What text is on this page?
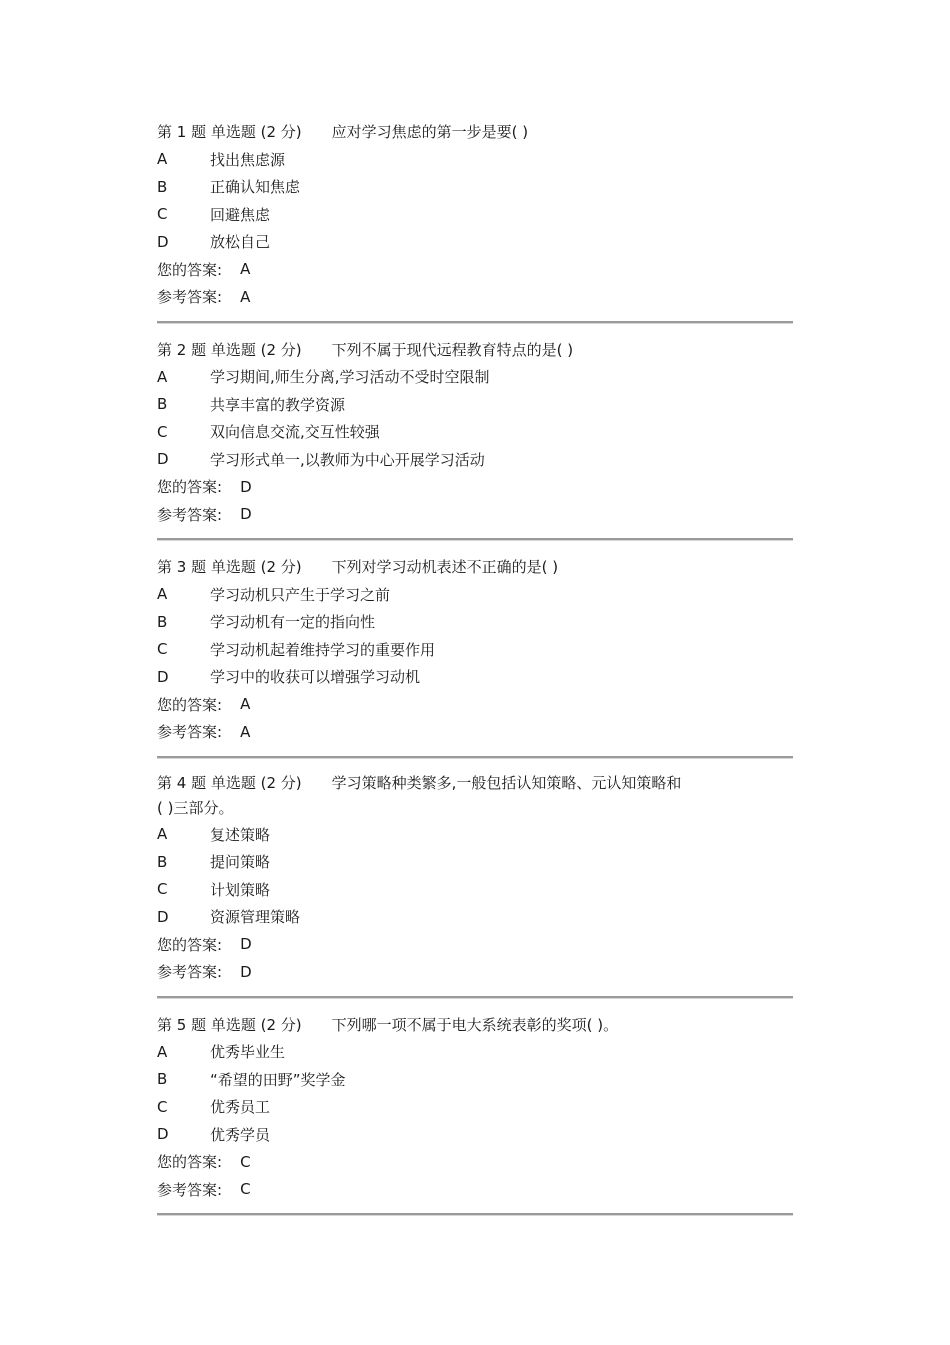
第 1 题 单选题 (2 分) 应对学习焦虑的第一步是要( )
A	找出焦虑源
B	正确认知焦虑
C	回避焦虑
D	放松自己
您的答案: A
参考答案: A
第 2 题 单选题 (2 分) 下列不属于现代远程教育特点的是( )
A	学习期间,师生分离,学习活动不受时空限制
B	共享丰富的教学资源
C	双向信息交流,交互性较强
D	学习形式单一,以教师为中心开展学习活动
您的答案: D
参考答案: D
第 3 题 单选题 (2 分) 下列对学习动机表述不正确的是( )
A	学习动机只产生于学习之前
B	学习动机有一定的指向性
C	学习动机起着维持学习的重要作用
D	学习中的收获可以增强学习动机
您的答案: A
参考答案: A
第 4 题 单选题 (2 分) 学习策略种类繁多,一般包括认知策略、元认知策略和
( )三部分。
A	复述策略
B	提问策略
C	计划策略
D	资源管理策略
您的答案: D
参考答案: D
第 5 题 单选题 (2 分) 下列哪一项不属于电大系统表彰的奖项( )。
A	优秀毕业生
B	“希望的田野”奖学金
C	优秀员工
D	优秀学员
您的答案: C
参考答案: C
